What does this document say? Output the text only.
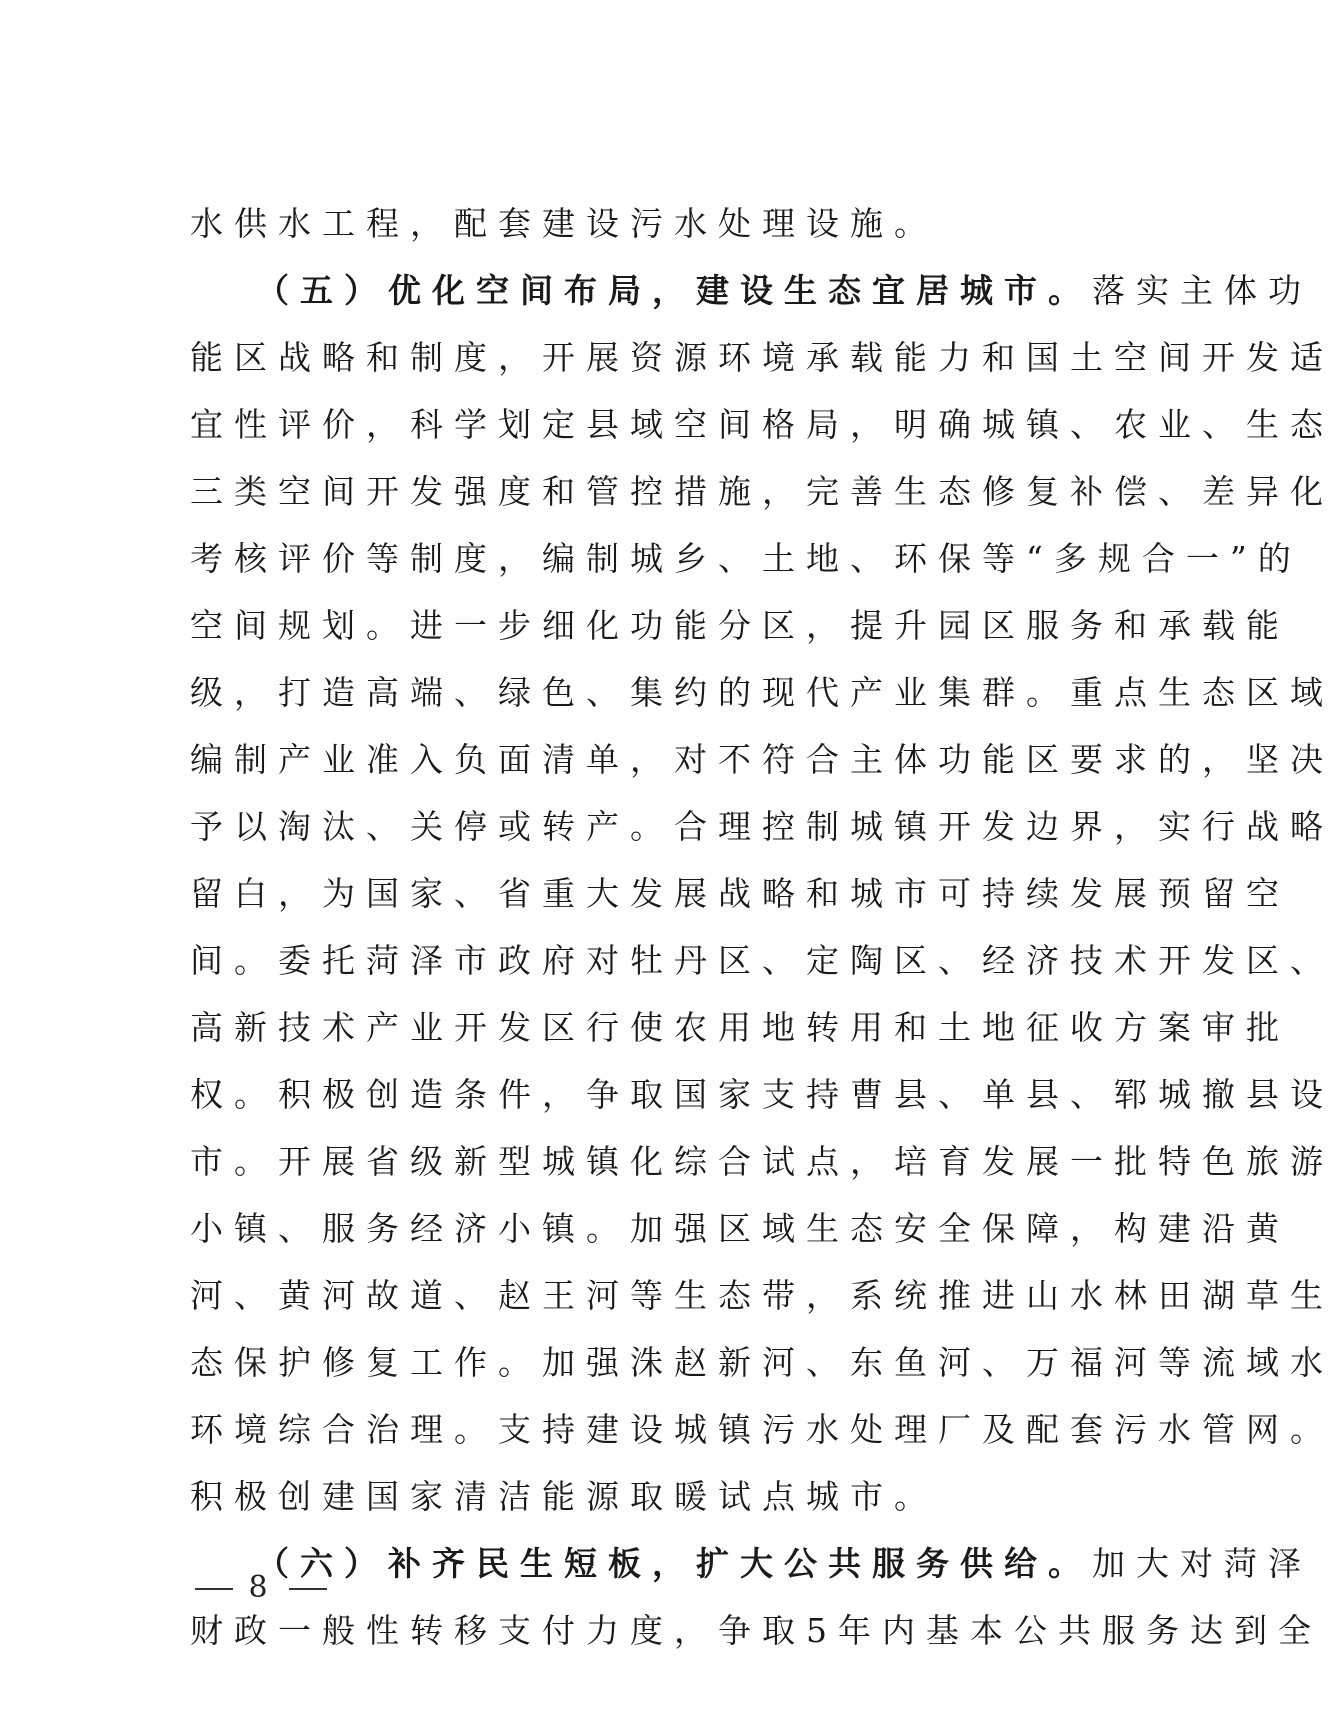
水供水工程，配套建设污水处理设施。
（五）优化空间布局，建设生态宜居城市。落实主体功
能区战略和制度，开展资源环境承载能力和国土空间开发适
宜性评价，科学划定县域空间格局，明确城镇、农业、生态
三类空间开发强度和管控措施，完善生态修复补偿、差异化
考核评价等制度，编制城乡、土地、环保等“多规合一”的
空间规划。进一步细化功能分区，提升园区服务和承载能
级，打造高端、绿色、集约的现代产业集群。重点生态区域
编制产业准入负面清单，对不符合主体功能区要求的，坚决
予以淘汰、关停或转产。合理控制城镇开发边界，实行战略
留白，为国家、省重大发展战略和城市可持续发展预留空
间。委托菏泽市政府对牡丹区、定陶区、经济技术开发区、
高新技术产业开发区行使农用地转用和土地征收方案审批
权。积极创造条件，争取国家支持曹县、单县、郓城撤县设
市。开展省级新型城镇化综合试点，培育发展一批特色旅游
小镇、服务经济小镇。加强区域生态安全保障，构建沿黄
河、黄河故道、赵王河等生态带，系统推进山水林田湖草生
态保护修复工作。加强洙赵新河、东鱼河、万福河等流域水
环境综合治理。支持建设城镇污水处理厂及配套污水管网。
积极创建国家清洁能源取暖试点城市。
（六）补齐民生短板，扩大公共服务供给。加大对菏泽
财政一般性转移支付力度，争取5年内基本公共服务达到全
8
